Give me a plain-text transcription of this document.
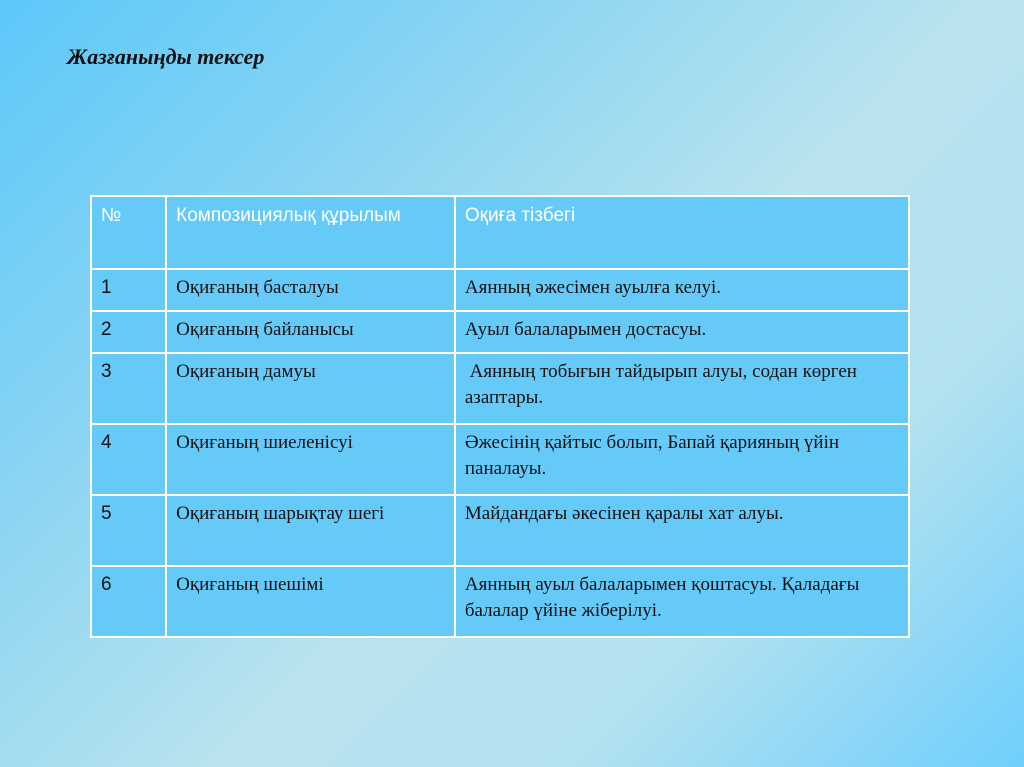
Жазғаныңды тексер
№	Композициялық құрылым	Оқиға тізбегі
1	Оқиғаның басталуы	Аянның әжесімен ауылға келуі.
2	Оқиғаның байланысы	Ауыл балаларымен достасуы.
3	Оқиғаның дамуы	Аянның тобығын тайдырып алуы, содан көрген азаптары.
4	Оқиғаның шиеленісуі	Әжесінің қайтыс болып, Бапай қарияның үйін паналауы.
5	Оқиғаның шарықтау шегі	Майдандағы әкесінен қаралы хат алуы.
6	Оқиғаның шешімі	Аянның ауыл балаларымен қоштасуы. Қаладағы балалар үйіне жіберілуі.
